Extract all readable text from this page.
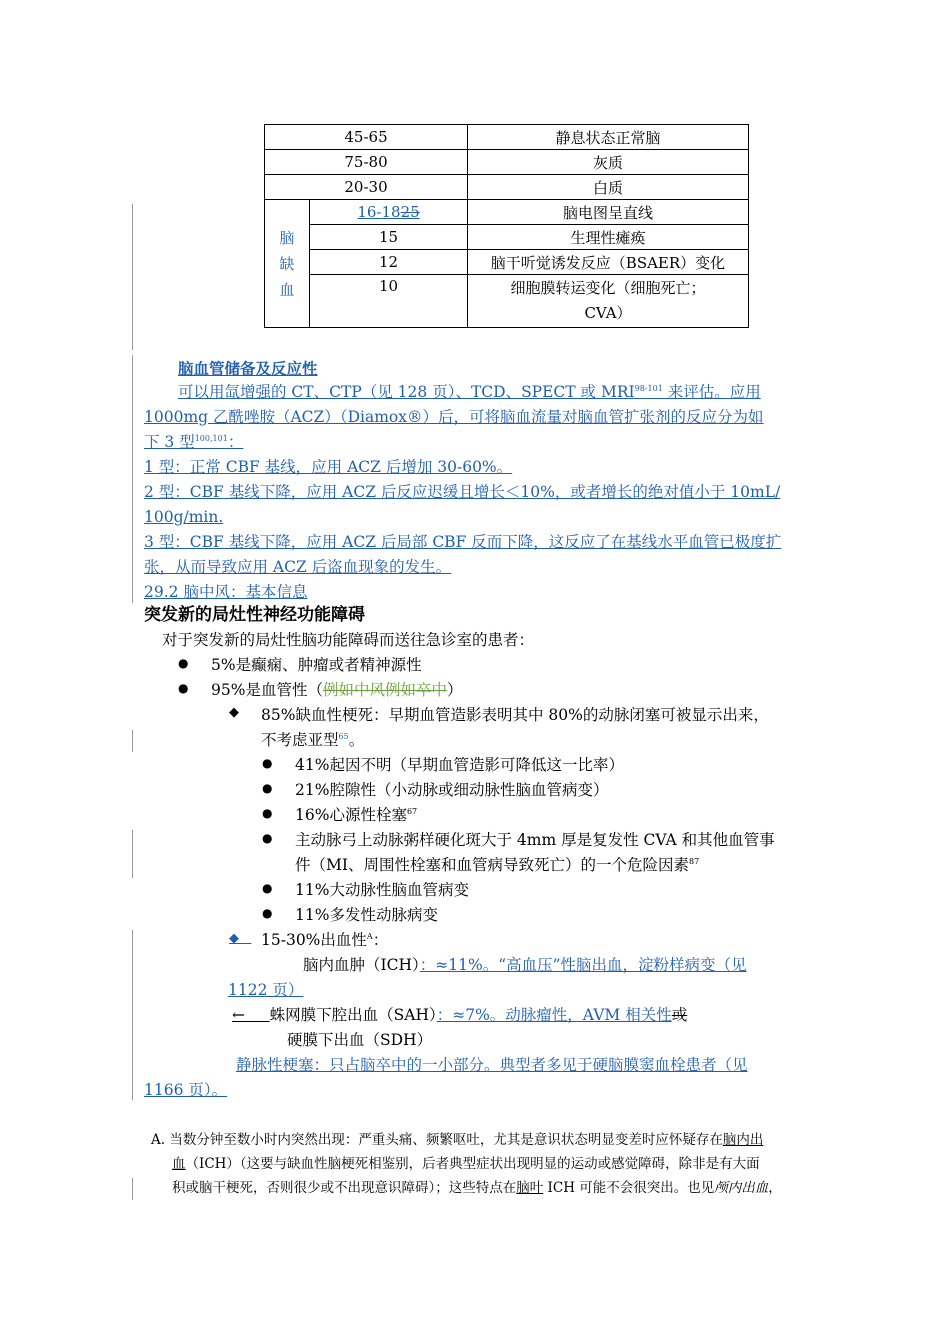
45-65		静息状态正常脑
75-80		灰质
20-30		白质
脑缺血	16-1825	脑电图呈直线
	15	生理性瘫痪
	12	脑干听觉诱发反应（BSAER）变化
	10	细胞膜转运变化（细胞死亡；
CVA）
脑血管储备及反应性
可以用氙增强的 CT、CTP（见 128 页）、TCD、SPECT 或 MRI$^{98-101}$ 来评估。应用
1000mg 乙酰唑胺（ACZ）（Diamox®）后，可将脑血流量对脑血管扩张剂的反应分为如
下 3 型$^{100,101}$：
1 型：正常 CBF 基线，应用 ACZ 后增加 30-60%。
2 型：CBF 基线下降，应用 ACZ 后反应迟缓且增长＜10%，或者增长的绝对值小于 10mL/
100g/min.
3 型：CBF 基线下降，应用 ACZ 后局部 CBF 反而下降，这反应了在基线水平血管已极度扩
张，从而导致应用 ACZ 后盗血现象的发生。
29.2 脑中风：基本信息
突发新的局灶性神经功能障碍
对于突发新的局灶性脑功能障碍而送往急诊室的患者：
● 5%是癫痫、肿瘤或者精神源性
● 95%是血管性（例如中风例如卒中）
◆ 85%缺血性梗死：早期血管造影表明其中 80%的动脉闭塞可被显示出来，
不考虑亚型$^{65}$。
● 41%起因不明（早期血管造影可降低这一比率）
● 21%腔隙性（小动脉或细动脉性脑血管病变）
● 16%心源性栓塞$^{67}$
● 主动脉弓上动脉粥样硬化斑大于 4mm 厚是复发性 CVA 和其他血管事
件（MI、周围性栓塞和血管病导致死亡）的一个危险因素$^{87}$
● 11%大动脉性脑血管病变
● 11%多发性动脉病变
◆ 15-30%出血性$^A$：
脑内血肿（ICH）：≈11%。“高血压”性脑出血，淀粉样病变（见
1122 页）
←     蛛网膜下腔出血（SAH）：≈7%。动脉瘤性，AVM 相关性或
硬膜下出血（SDH）
静脉性梗塞：只占脑卒中的一小部分。典型者多见于硬脑膜窦血栓患者（见
1166 页）。
A. 当数分钟至数小时内突然出现：严重头痛、频繁呕吐，尤其是意识状态明显变差时应怀疑存在脑内出
血（ICH）（这要与缺血性脑梗死相鉴别，后者典型症状出现明显的运动或感觉障碍，除非是有大面
积或脑干梗死，否则很少或不出现意识障碍）；这些特点在脑叶 ICH 可能不会很突出。也见颅内出血，
